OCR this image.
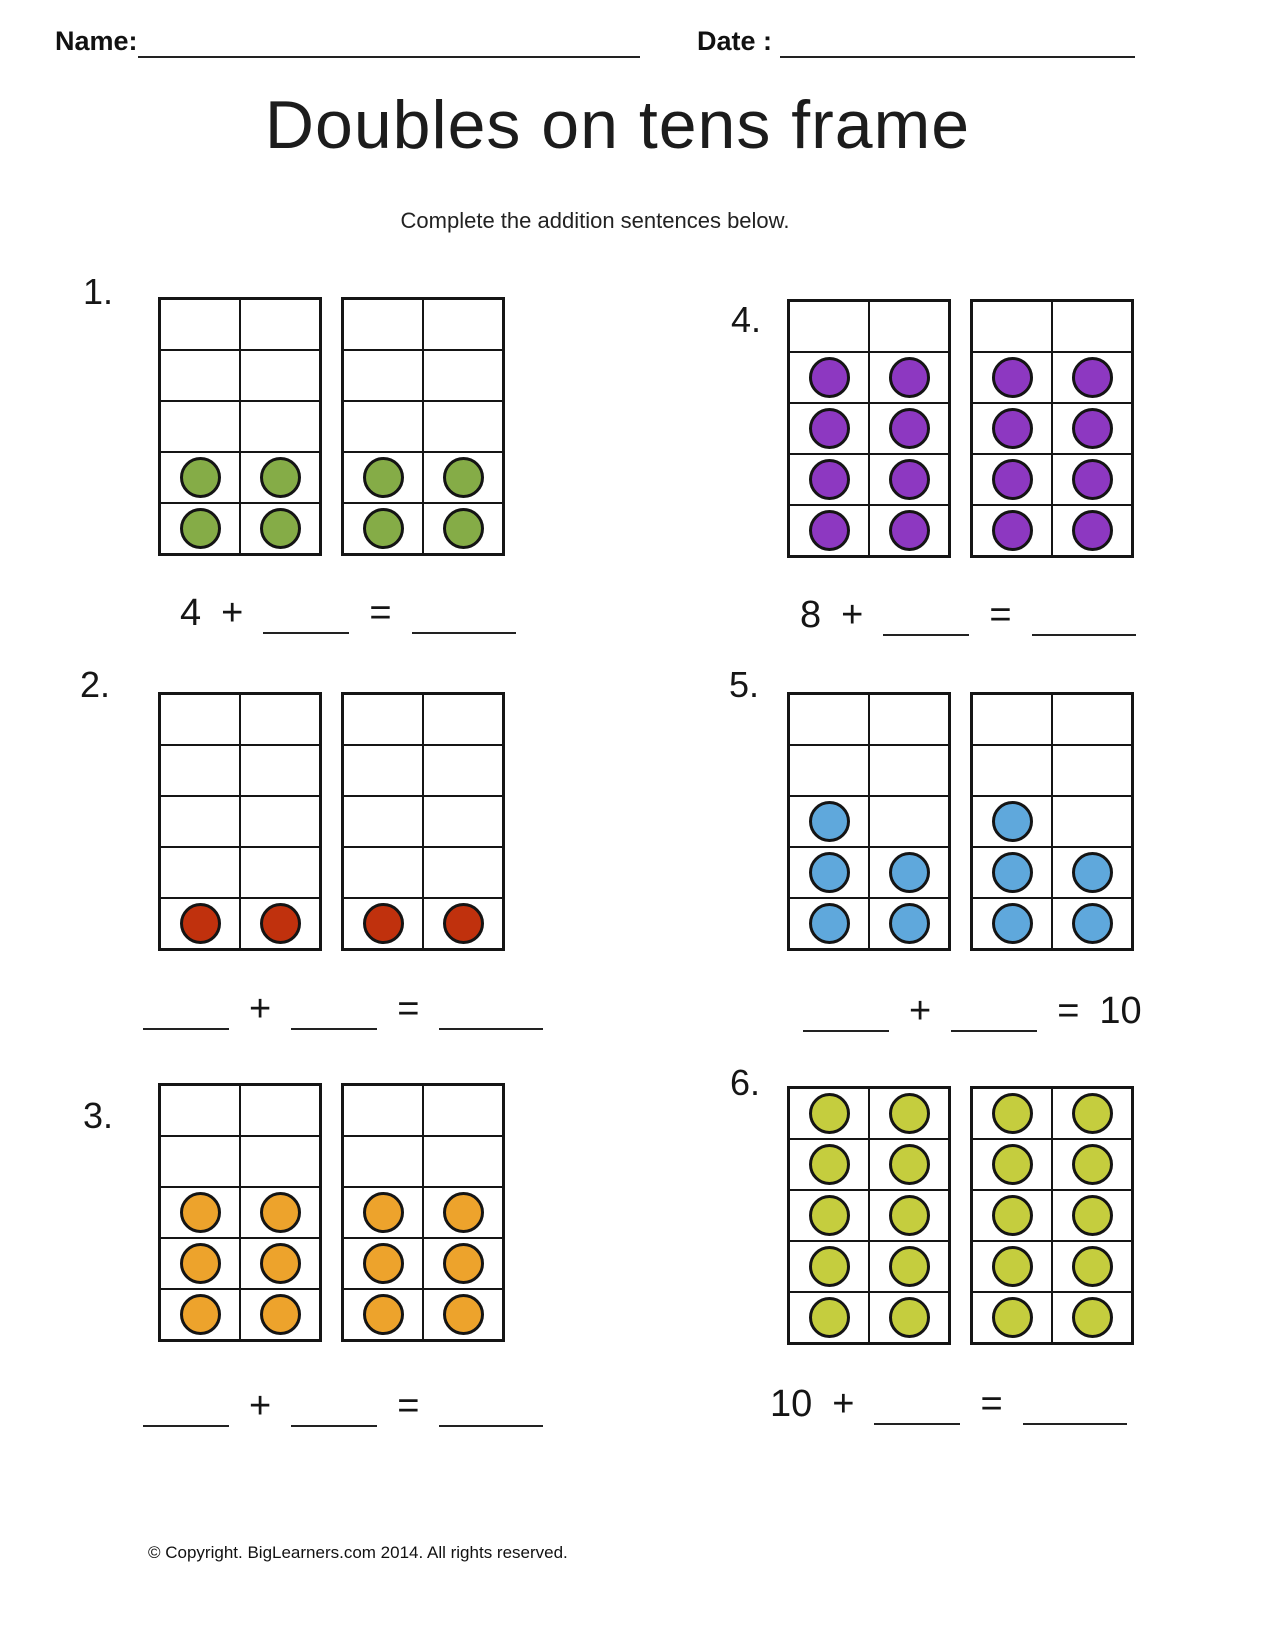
Name:	Date :
Doubles on tens frame
Complete the addition sentences below.
1.
4 +	=
2.
+	=
3.
+	=
4.
8 +	=
5.
+	= 10
6.
10 +	=
© Copyright. BigLearners.com 2014. All rights reserved.
